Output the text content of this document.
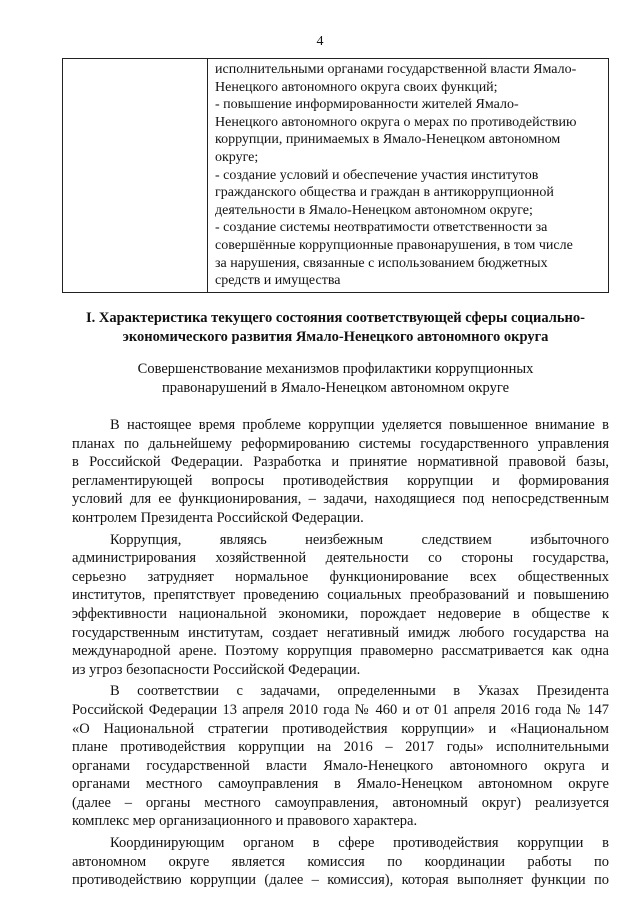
4
исполнительными органами государственной власти Ямало-
Ненецкого автономного округа своих функций;
- повышение информированности жителей Ямало-
Ненецкого автономного округа о мерах по противодействию
коррупции, принимаемых в Ямало-Ненецком автономном
округе;
- создание условий и обеспечение участия институтов
гражданского общества и граждан в антикоррупционной
деятельности в Ямало-Ненецком автономном округе;
- создание системы неотвратимости ответственности за
совершённые коррупционные правонарушения, в том числе
за нарушения, связанные с использованием бюджетных
средств и имущества
I. Характеристика текущего состояния соответствующей сферы социально-
экономического развития Ямало-Ненецкого автономного округа
Совершенствование механизмов профилактики коррупционных
правонарушений в Ямало-Ненецком автономном округе

В настоящее время проблеме коррупции уделяется повышенное внимание в
планах по дальнейшему реформированию системы государственного управления
в Российской Федерации. Разработка и принятие нормативной правовой базы,
регламентирующей вопросы противодействия коррупции и формирования
условий для ее функционирования, – задачи, находящиеся под непосредственным
контролем Президента Российской Федерации.

Коррупция, являясь неизбежным следствием избыточного
администрирования хозяйственной деятельности со стороны государства,
серьезно затрудняет нормальное функционирование всех общественных
институтов, препятствует проведению социальных преобразований и повышению
эффективности национальной экономики, порождает недоверие в обществе к
государственным институтам, создает негативный имидж любого государства на
международной арене. Поэтому коррупция правомерно рассматривается как одна
из угроз безопасности Российской Федерации.

В соответствии с задачами, определенными в Указах Президента
Российской Федерации 13 апреля 2010 года № 460 и от 01 апреля 2016 года № 147
«О Национальной стратегии противодействия коррупции» и «Национальном
плане противодействия коррупции на 2016 – 2017 годы» исполнительными
органами государственной власти Ямало-Ненецкого автономного округа и
органами местного самоуправления в Ямало-Ненецком автономном округе
(далее – органы местного самоуправления, автономный округ) реализуется
комплекс мер организационного и правового характера.

Координирующим органом в сфере противодействия коррупции в
автономном округе является комиссия по координации работы по
противодействию коррупции (далее – комиссия), которая выполняет функции по
